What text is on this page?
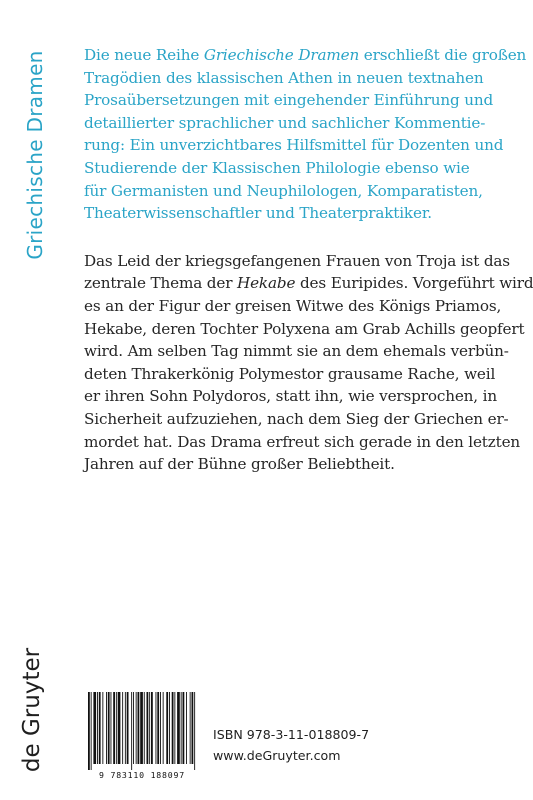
Griechische Dramen Die neue Reihe Griechische Dramen erschließt die großen
Tragödien des klassischen Athen in neuen textnahen
Prosaübersetzungen mit eingehender Einführung und
detaillierter sprachlicher und sachlicher Kommentie-
rung: Ein unverzichtbares Hilfsmittel für Dozenten und
Studierende der Klassischen Philologie ebenso wie
für Germanisten und Neuphilologen, Komparatisten,
Theaterwissenschaftler und Theaterpraktiker.

Das Leid der kriegsgefangenen Frauen von Troja ist das
zentrale Thema der Hekabe des Euripides. Vorgeführt wird
es an der Figur der greisen Witwe des Königs Priamos,
Hekabe, deren Tochter Polyxena am Grab Achills geopfert
wird. Am selben Tag nimmt sie an dem ehemals verbün-
deten Thrakerkönig Polymestor grausame Rache, weil
er ihren Sohn Polydoros, statt ihn, wie versprochen, in
Sicherheit aufzuziehen, nach dem Sieg der Griechen er-
mordet hat. Das Drama erfreut sich gerade in den letzten
Jahren auf der Bühne großer Beliebtheit.

de Gruyter
9 783110 188097
ISBN 978-3-11-018809-7
www.deGruyter.com
